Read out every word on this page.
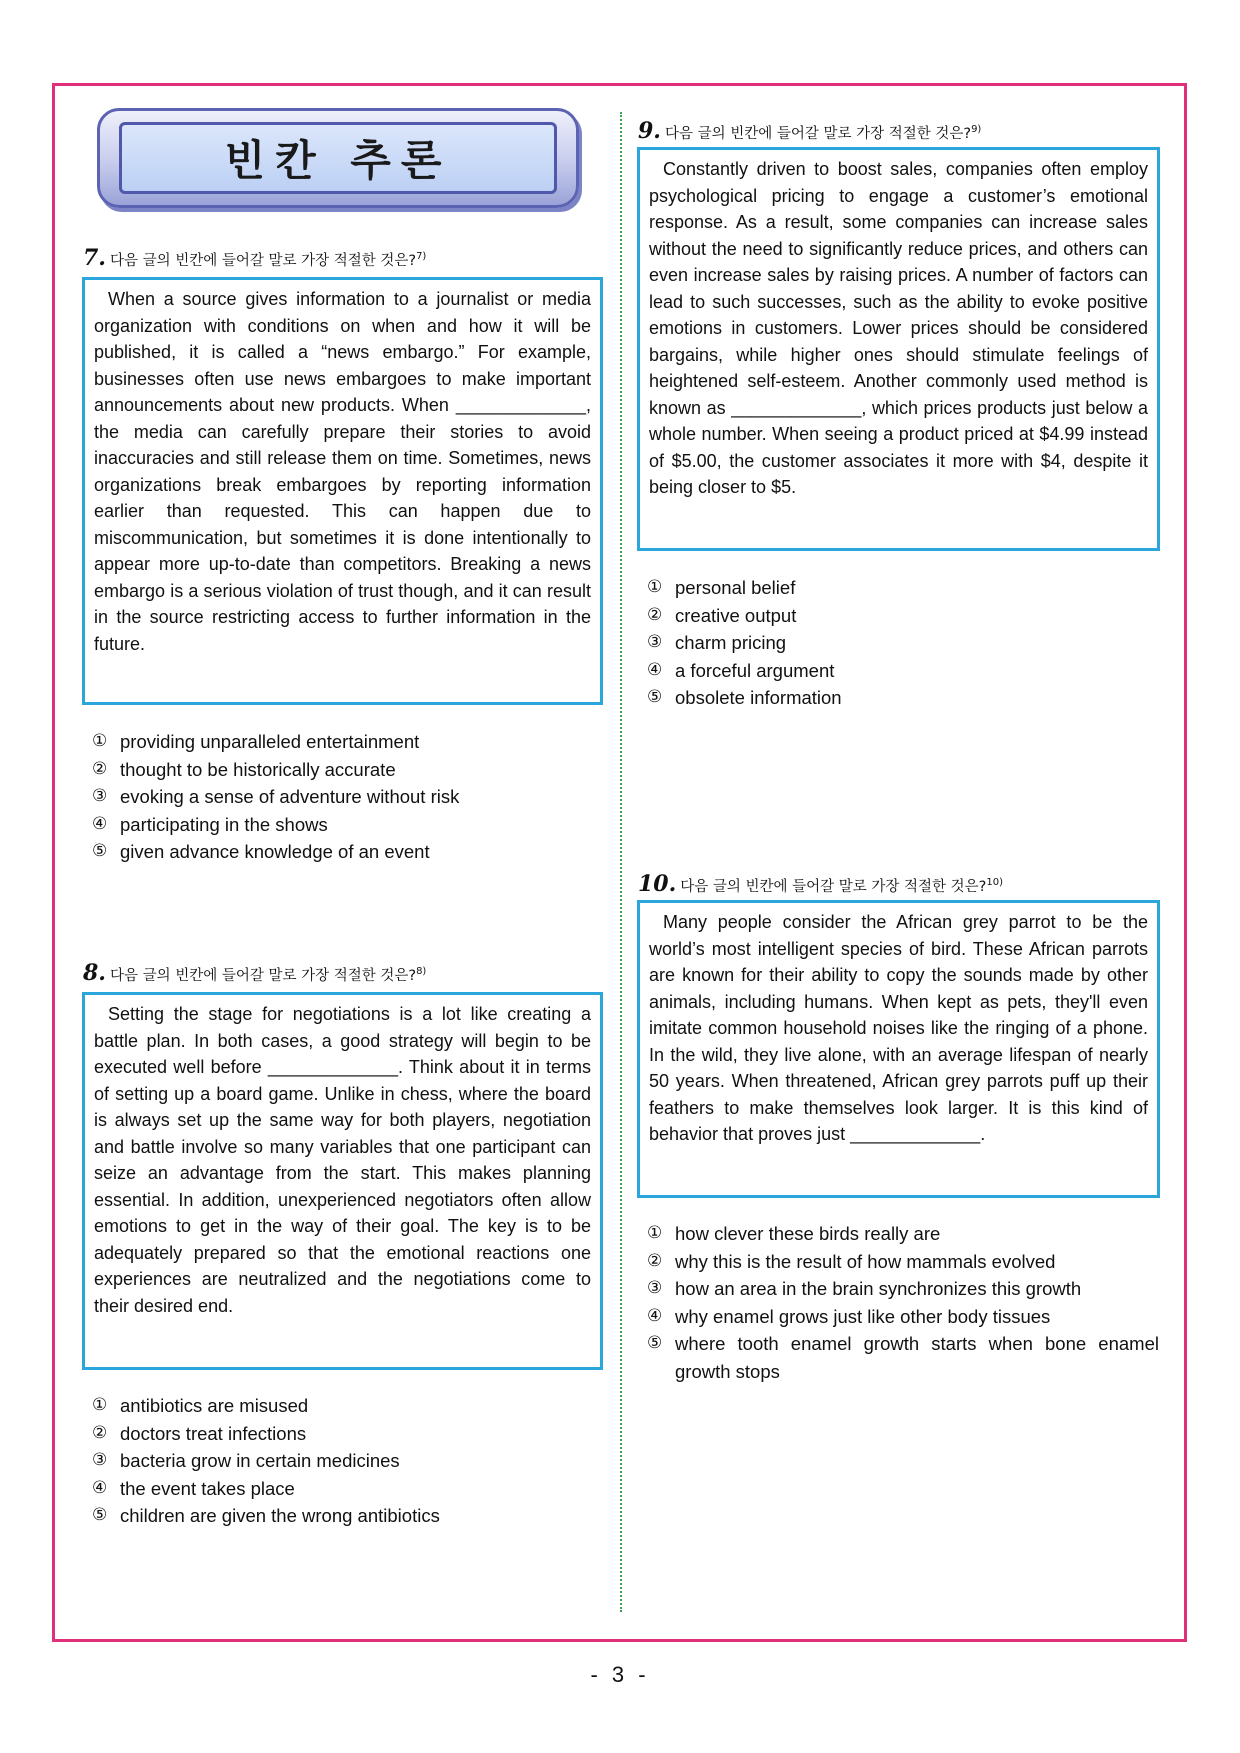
빈칸 추론
7. 다음 글의 빈칸에 들어갈 말로 가장 적절한 것은?$^{7)}$

When a source gives information to a journalist or media organization with conditions on when and how it will be published, it is called a “news embargo.” For example, businesses often use news embargoes to make important announcements about new products. When _____________, the media can carefully prepare their stories to avoid inaccuracies and still release them on time. Sometimes, news organizations break embargoes by reporting information earlier than requested. This can happen due to miscommunication, but sometimes it is done intentionally to appear more up-to-date than competitors. Breaking a news embargo is a serious violation of trust though, and it can result in the source restricting access to further information in the future.

① providing unparalleled entertainment
② thought to be historically accurate
③ evoking a sense of adventure without risk
④ participating in the shows
⑤ given advance knowledge of an event
8. 다음 글의 빈칸에 들어갈 말로 가장 적절한 것은?$^{8)}$

Setting the stage for negotiations is a lot like creating a battle plan. In both cases, a good strategy will begin to be executed well before _____________. Think about it in terms of setting up a board game. Unlike in chess, where the board is always set up the same way for both players, negotiation and battle involve so many variables that one participant can seize an advantage from the start. This makes planning essential. In addition, unexperienced negotiators often allow emotions to get in the way of their goal. The key is to be adequately prepared so that the emotional reactions one experiences are neutralized and the negotiations come to their desired end.

① antibiotics are misused
② doctors treat infections
③ bacteria grow in certain medicines
④ the event takes place
⑤ children are given the wrong antibiotics
9. 다음 글의 빈칸에 들어갈 말로 가장 적절한 것은?$^{9)}$

Constantly driven to boost sales, companies often employ psychological pricing to engage a customer’s emotional response. As a result, some companies can increase sales without the need to significantly reduce prices, and others can even increase sales by raising prices. A number of factors can lead to such successes, such as the ability to evoke positive emotions in customers. Lower prices should be considered bargains, while higher ones should stimulate feelings of heightened self-esteem. Another commonly used method is known as _____________, which prices products just below a whole number. When seeing a product priced at $4.99 instead of $5.00, the customer associates it more with $4, despite it being closer to $5.

① personal belief
② creative output
③ charm pricing
④ a forceful argument
⑤ obsolete information
10. 다음 글의 빈칸에 들어갈 말로 가장 적절한 것은?$^{10)}$

Many people consider the African grey parrot to be the world’s most intelligent species of bird. These African parrots are known for their ability to copy the sounds made by other animals, including humans. When kept as pets, they'll even imitate common household noises like the ringing of a phone. In the wild, they live alone, with an average lifespan of nearly 50 years. When threatened, African grey parrots puff up their feathers to make themselves look larger. It is this kind of behavior that proves just _____________.

① how clever these birds really are
② why this is the result of how mammals evolved
③ how an area in the brain synchronizes this growth
④ why enamel grows just like other body tissues
⑤ where tooth enamel growth starts when bone enamel growth stops
- 3 -
